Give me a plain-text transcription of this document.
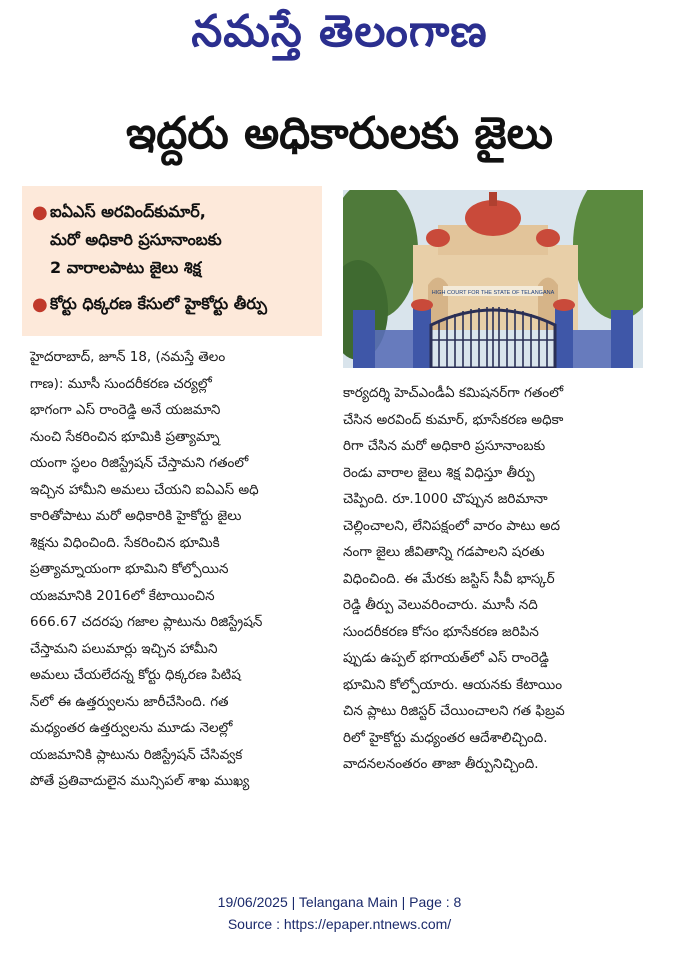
నమస్తే తెలంగాణ
ఇద్దరు అధికారులకు జైలు
● ఐఏఎస్ అరవింద్‌కుమార్,
మరో అధికారి ప్రసూనాంబకు
2 వారాలపాటు జైలు శిక్ష
● కోర్టు ధిక్కరణ కేసులో హైకోర్టు తీర్పు
HIGH COURT FOR THE STATE OF TELANGANA
హైదరాబాద్, జూన్ 18, (నమస్తే తెలం
గాణ): మూసీ సుందరీకరణ చర్యల్లో
భాగంగా ఎస్ రాంరెడ్డి అనే యజమాని
నుంచి సేకరించిన భూమికి ప్రత్యామ్నా
యంగా స్థలం రిజిస్ట్రేషన్ చేస్తామని గతంలో
ఇచ్చిన హామీని అమలు చేయని ఐఏఎస్ అధి
కారితోపాటు మరో అధికారికి హైకోర్టు జైలు
శిక్షను విధించింది. సేకరించిన భూమికి
ప్రత్యామ్నాయంగా భూమిని కోల్పోయిన
యజమానికి 2016లో కేటాయించిన
666.67 చదరపు గజాల ప్లాటును రిజిస్ట్రేషన్
చేస్తామని పలుమార్లు ఇచ్చిన హామీని
అమలు చేయలేదన్న కోర్టు ధిక్కరణ పిటిష
న్‌లో ఈ ఉత్తర్వులను జారీచేసింది. గత
మధ్యంతర ఉత్తర్వులను మూడు నెలల్లో
యజమానికి ప్లాటును రిజిస్ట్రేషన్ చేసివ్వక
పోతే ప్రతివాదులైన మున్సిపల్ శాఖ ముఖ్య
కార్యదర్శి హెచ్‌ఎండీఏ కమిషనర్‌గా గతంలో
చేసిన అరవింద్ కుమార్, భూసేకరణ అధికా
రిగా చేసిన మరో అధికారి ప్రసూనాంబకు
రెండు వారాల జైలు శిక్ష విధిస్తూ తీర్పు
చెప్పింది. రూ.1000 చొప్పున జరిమానా
చెల్లించాలని, లేనిపక్షంలో వారం పాటు అద
నంగా జైలు జీవితాన్ని గడపాలని షరతు
విధించింది. ఈ మేరకు జస్టిస్ సీవీ భాస్కర్
రెడ్డి తీర్పు వెలువరించారు. మూసీ నది
సుందరీకరణ కోసం భూసేకరణ జరిపిన
ప్పుడు ఉప్పల్ భగాయత్‌లో ఎస్ రాంరెడ్డి
భూమిని కోల్పోయారు. ఆయనకు కేటాయిం
చిన ప్లాటు రిజిస్టర్ చేయించాలని గత ఫిబ్రవ
రిలో హైకోర్టు మధ్యంతర ఆదేశాలిచ్చింది.
వాదనలనంతరం తాజా తీర్పునిచ్చింది.
19/06/2025 | Telangana Main | Page : 8
Source : https://epaper.ntnews.com/
